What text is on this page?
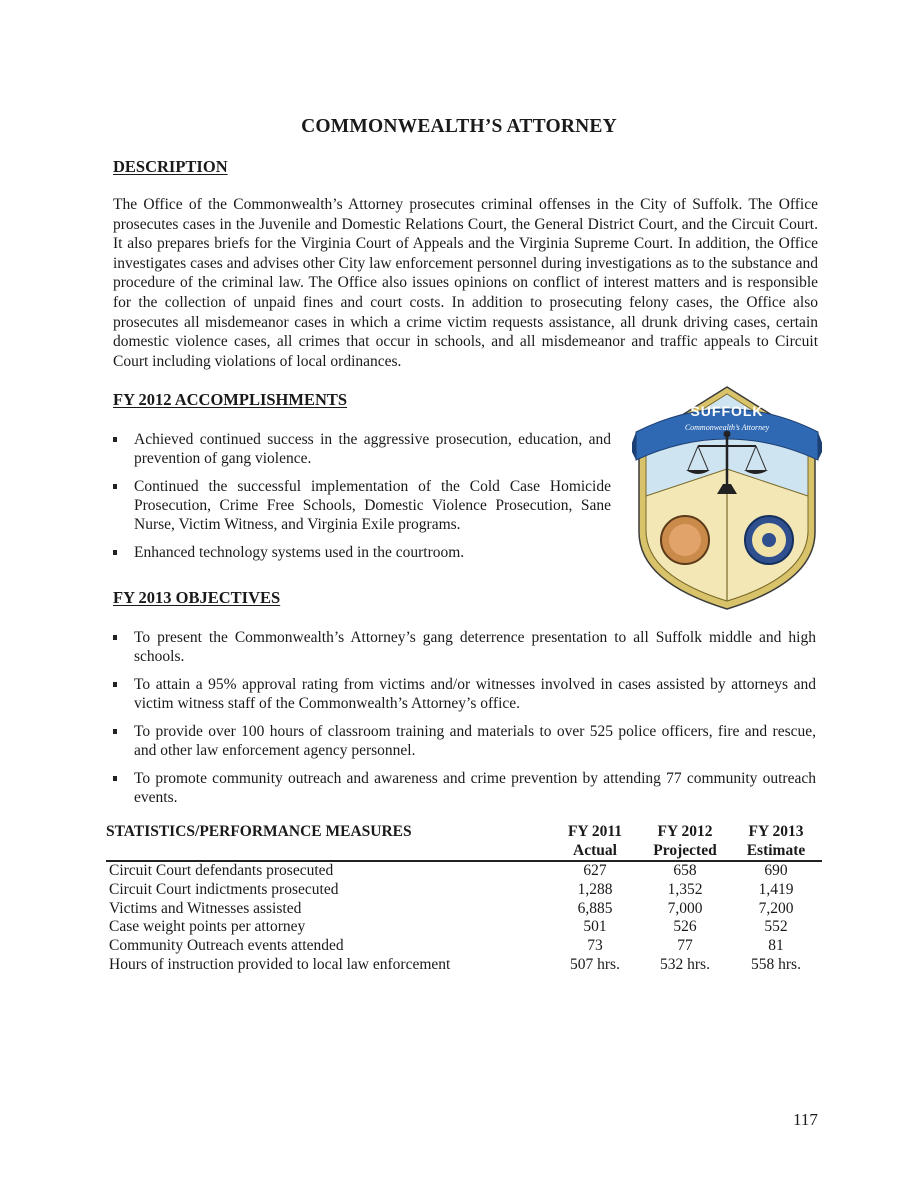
COMMONWEALTH’S ATTORNEY
DESCRIPTION

The Office of the Commonwealth’s Attorney prosecutes criminal offenses in the City of Suffolk. The Office prosecutes cases in the Juvenile and Domestic Relations Court, the General District Court, and the Circuit Court. It also prepares briefs for the Virginia Court of Appeals and the Virginia Supreme Court. In addition, the Office investigates cases and advises other City law enforcement personnel during investigations as to the substance and procedure of the criminal law. The Office also issues opinions on conflict of interest matters and is responsible for the collection of unpaid fines and court costs. In addition to prosecuting felony cases, the Office also prosecutes all misdemeanor cases in which a crime victim requests assistance, all drunk driving cases, certain domestic violence cases, all crimes that occur in schools, and all misdemeanor and traffic appeals to Circuit Court including violations of local ordinances.

FY 2012 ACCOMPLISHMENTS
Achieved continued success in the aggressive prosecution, education, and prevention of gang violence.
Continued the successful implementation of the Cold Case Homicide Prosecution, Crime Free Schools, Domestic Violence Prosecution, Sane Nurse, Victim Witness, and Virginia Exile programs.
Enhanced technology systems used in the courtroom.
SUFFOLK
Commonwealth’s Attorney
FY 2013 OBJECTIVES
To present the Commonwealth’s Attorney’s gang deterrence presentation to all Suffolk middle and high schools.
To attain a 95% approval rating from victims and/or witnesses involved in cases assisted by attorneys and victim witness staff of the Commonwealth’s Attorney’s office.
To provide over 100 hours of classroom training and materials to over 525 police officers, fire and rescue, and other law enforcement agency personnel.
To promote community outreach and awareness and crime prevention by attending 77 community outreach events.
STATISTICS/PERFORMANCE MEASURES	FY 2011	FY 2012	FY 2013
	Actual	Projected	Estimate
Circuit Court defendants prosecuted	627	658	690
Circuit Court indictments prosecuted	1,288	1,352	1,419
Victims and Witnesses assisted	6,885	7,000	7,200
Case weight points per attorney	501	526	552
Community Outreach events attended	73	77	81
Hours of instruction provided to local law enforcement	507 hrs.	532 hrs.	558 hrs.
117
